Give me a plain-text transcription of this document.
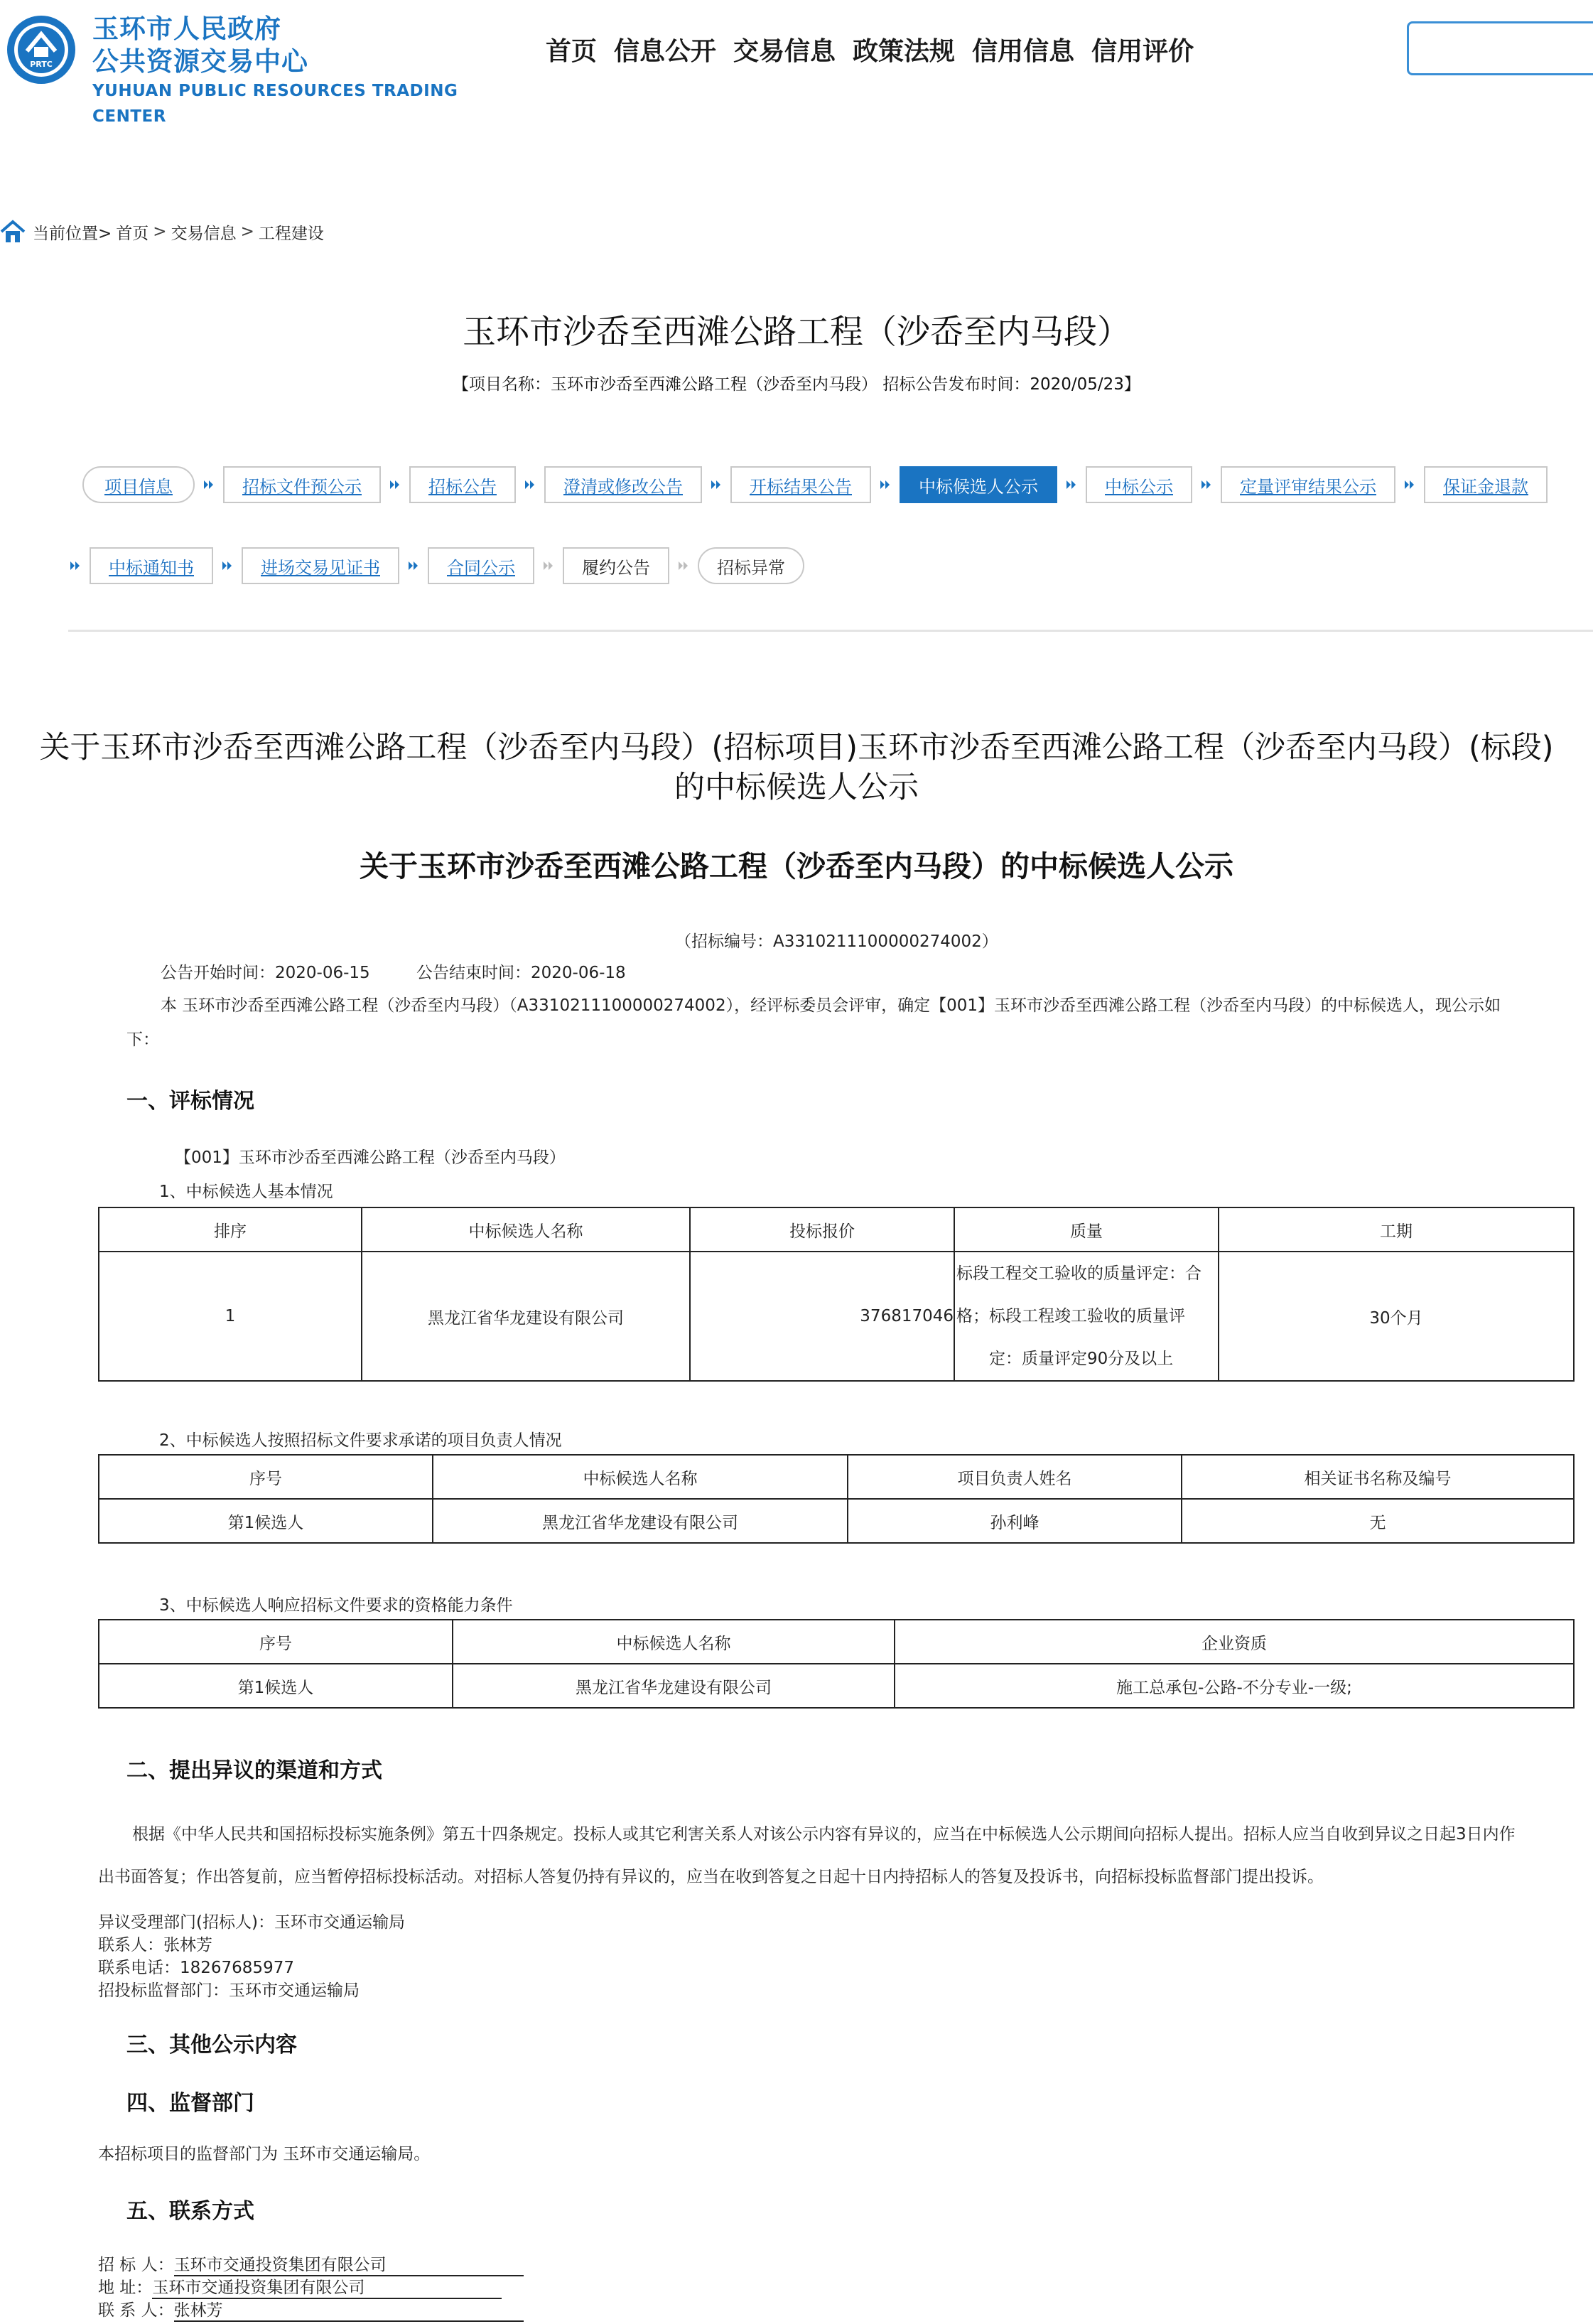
PRTC
玉环市人民政府
公共资源交易中心
YUHUAN PUBLIC RESOURCES TRADING CENTER
首页 信息公开 交易信息 政策法规 信用信息 信用评价
当前位置> 首页 > 交易信息 > 工程建设
玉环市沙岙至西滩公路工程（沙岙至内马段）
【项目名称：玉环市沙岙至西滩公路工程（沙岙至内马段） 招标公告发布时间：2020/05/23】
项目信息	招标文件预公示	招标公告	澄清或修改公告	开标结果公告	中标候选人公示	中标公示	定量评审结果公示	保证金退款
中标通知书	进场交易见证书	合同公示	履约公告	招标异常
关于玉环市沙岙至西滩公路工程（沙岙至内马段）(招标项目)玉环市沙岙至西滩公路工程（沙岙至内马段）(标段)
的中标候选人公示
关于玉环市沙岙至西滩公路工程（沙岙至内马段）的中标候选人公示
（招标编号：A3310211100000274002）
公告开始时间：2020-06-15	公告结束时间：2020-06-18
本 玉环市沙岙至西滩公路工程（沙岙至内马段）（A3310211100000274002），经评标委员会评审，确定【001】玉环市沙岙至西滩公路工程（沙岙至内马段）的中标候选人，现公示如
下：
一、评标情况
【001】玉环市沙岙至西滩公路工程（沙岙至内马段）
1、中标候选人基本情况
排序	中标候选人名称	投标报价	质量	工期
1	黑龙江省华龙建设有限公司	376817046	标段工程交工验收的质量评定：合
格；标段工程竣工验收的质量评
定：质量评定90分及以上	30个月
2、中标候选人按照招标文件要求承诺的项目负责人情况
序号	中标候选人名称	项目负责人姓名	相关证书名称及编号
第1候选人	黑龙江省华龙建设有限公司	孙利峰	无
3、中标候选人响应招标文件要求的资格能力条件
序号	中标候选人名称	企业资质
第1候选人	黑龙江省华龙建设有限公司	施工总承包-公路-不分专业-一级;
二、提出异议的渠道和方式
根据《中华人民共和国招标投标实施条例》第五十四条规定。投标人或其它利害关系人对该公示内容有异议的，应当在中标候选人公示期间向招标人提出。招标人应当自收到异议之日起3日内作
出书面答复；作出答复前，应当暂停招标投标活动。对招标人答复仍持有异议的，应当在收到答复之日起十日内持招标人的答复及投诉书，向招标投标监督部门提出投诉。
异议受理部门(招标人)：玉环市交通运输局
联系人：张林芳
联系电话：18267685977
招投标监督部门：玉环市交通运输局
三、其他公示内容
四、监督部门
本招标项目的监督部门为 玉环市交通运输局。
五、联系方式
招 标 人：玉环市交通投资集团有限公司
地 址：玉环市交通投资集团有限公司
联 系 人：张林芳
